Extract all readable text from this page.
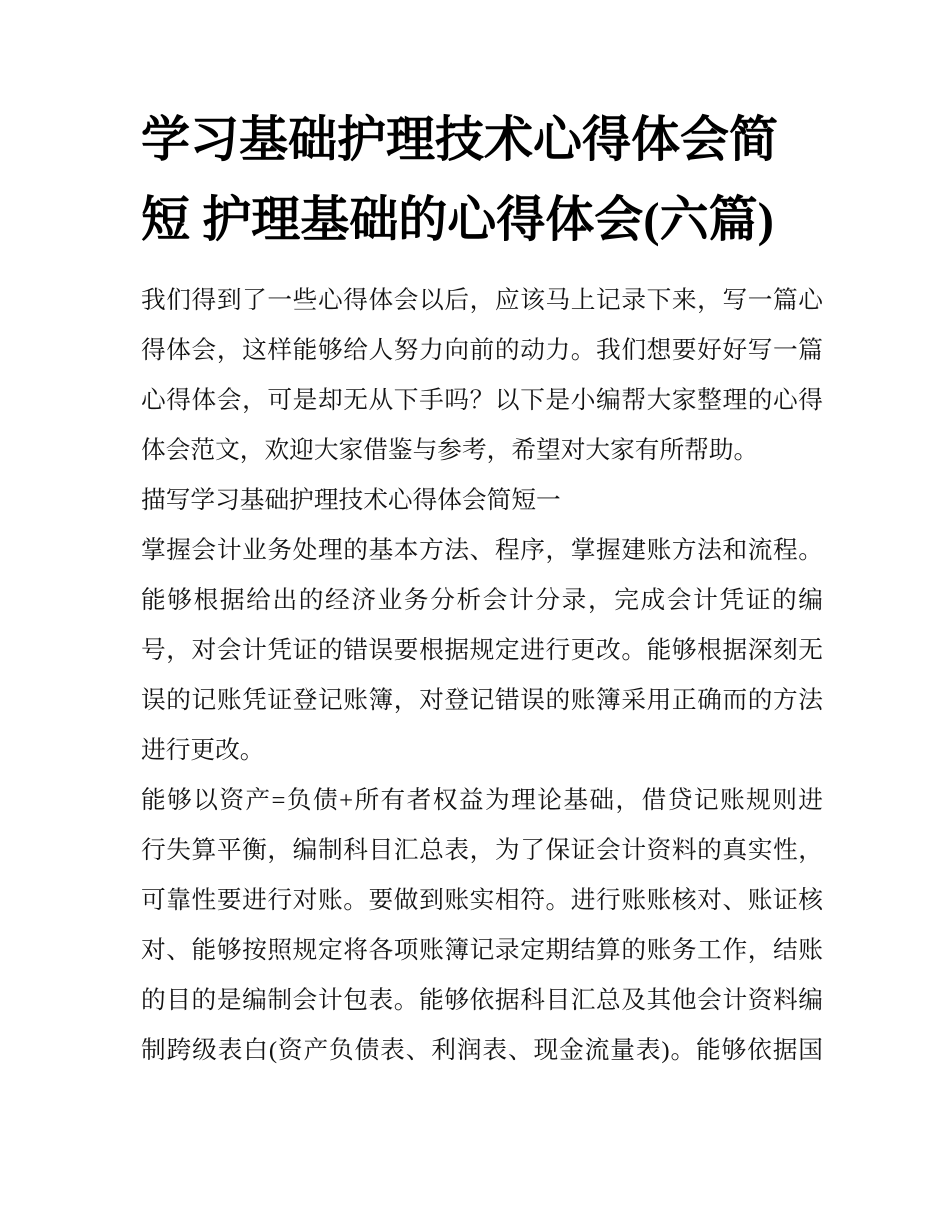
学习基础护理技术心得体会简短 护理基础的心得体会(六篇)
我们得到了一些心得体会以后，应该马上记录下来，写一篇心
得体会，这样能够给人努力向前的动力。我们想要好好写一篇
心得体会，可是却无从下手吗？以下是小编帮大家整理的心得
体会范文，欢迎大家借鉴与参考，希望对大家有所帮助。
描写学习基础护理技术心得体会简短一
掌握会计业务处理的基本方法、程序，掌握建账方法和流程。
能够根据给出的经济业务分析会计分录，完成会计凭证的编
号，对会计凭证的错误要根据规定进行更改。能够根据深刻无
误的记账凭证登记账簿，对登记错误的账簿采用正确而的方法
进行更改。
能够以资产=负债+所有者权益为理论基础，借贷记账规则进
行失算平衡，编制科目汇总表，为了保证会计资料的真实性，
可靠性要进行对账。要做到账实相符。进行账账核对、账证核
对、能够按照规定将各项账簿记录定期结算的账务工作，结账
的目的是编制会计包表。能够依据科目汇总及其他会计资料编
制跨级表白(资产负债表、利润表、现金流量表)。能够依据国
